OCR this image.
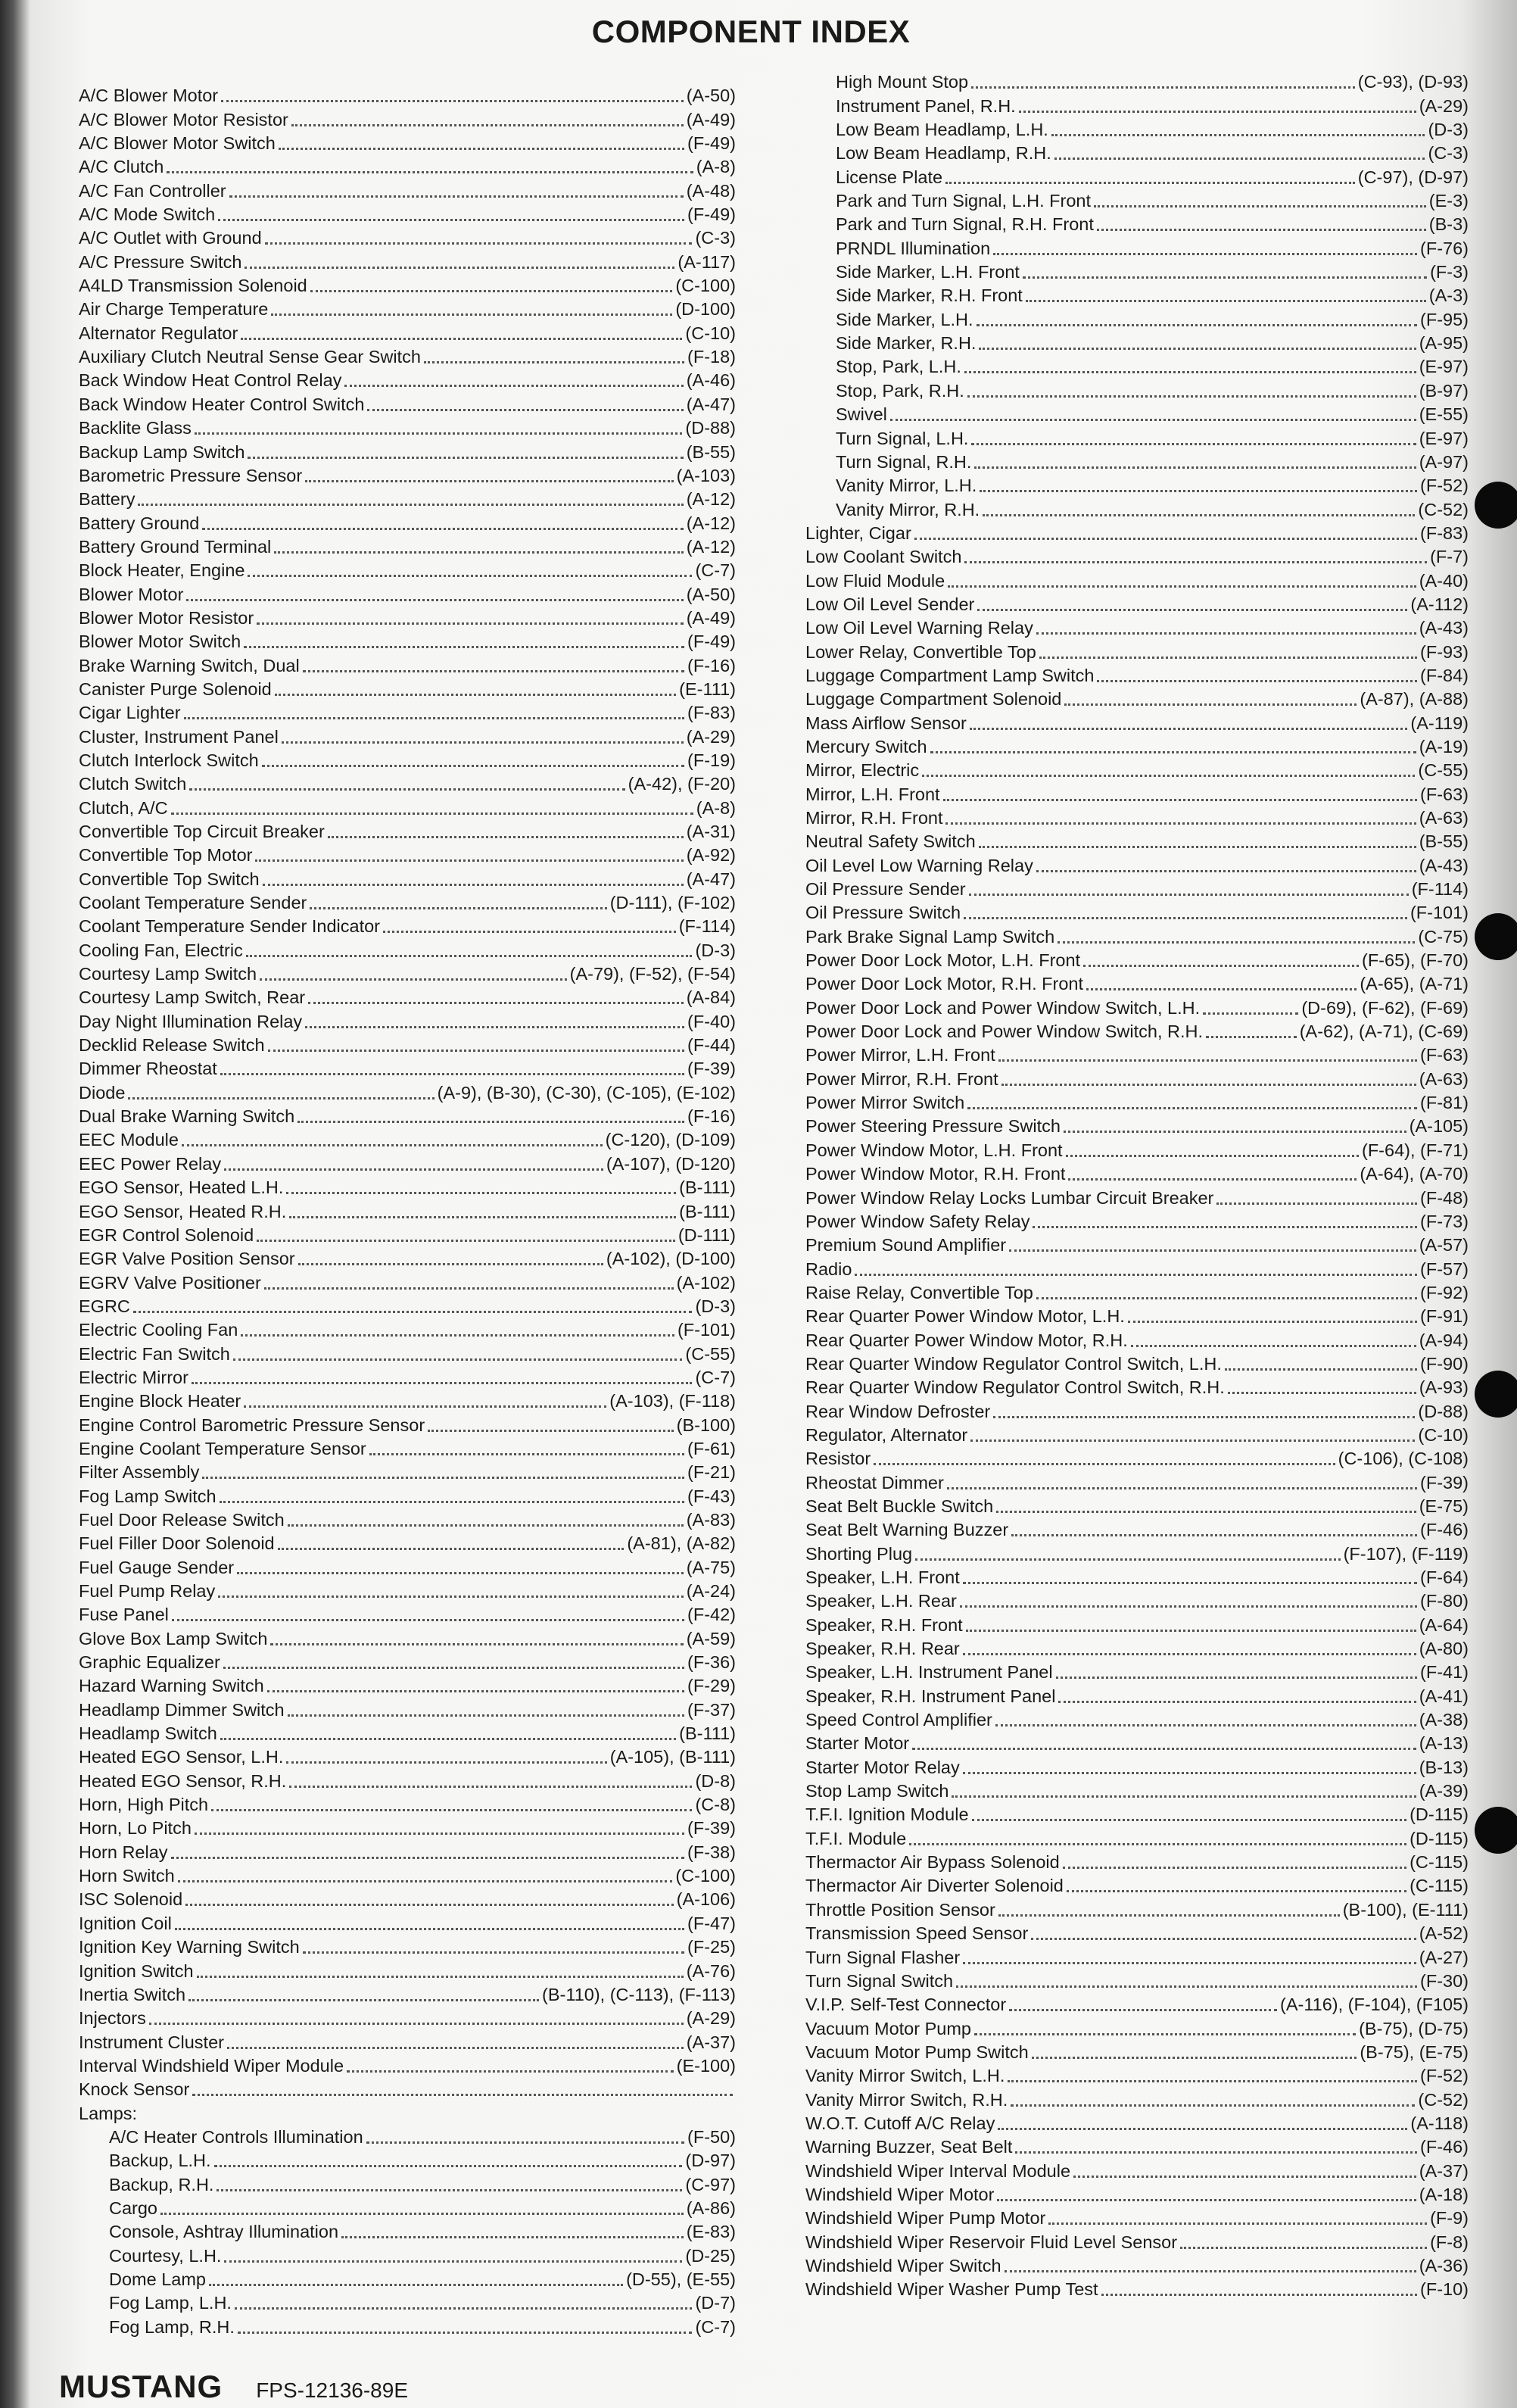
COMPONENT INDEX
A/C Blower Motor	(A-50)
A/C Blower Motor Resistor	(A-49)
A/C Blower Motor Switch	(F-49)
A/C Clutch	(A-8)
A/C Fan Controller	(A-48)
A/C Mode Switch	(F-49)
A/C Outlet with Ground	(C-3)
A/C Pressure Switch	(A-117)
A4LD Transmission Solenoid	(C-100)
Air Charge Temperature	(D-100)
Alternator Regulator	(C-10)
Auxiliary Clutch Neutral Sense Gear Switch	(F-18)
Back Window Heat Control Relay	(A-46)
Back Window Heater Control Switch	(A-47)
Backlite Glass	(D-88)
Backup Lamp Switch	(B-55)
Barometric Pressure Sensor	(A-103)
Battery	(A-12)
Battery Ground	(A-12)
Battery Ground Terminal	(A-12)
Block Heater, Engine	(C-7)
Blower Motor	(A-50)
Blower Motor Resistor	(A-49)
Blower Motor Switch	(F-49)
Brake Warning Switch, Dual	(F-16)
Canister Purge Solenoid	(E-111)
Cigar Lighter	(F-83)
Cluster, Instrument Panel	(A-29)
Clutch Interlock Switch	(F-19)
Clutch Switch	(A-42), (F-20)
Clutch, A/C	(A-8)
Convertible Top Circuit Breaker	(A-31)
Convertible Top Motor	(A-92)
Convertible Top Switch	(A-47)
Coolant Temperature Sender	(D-111), (F-102)
Coolant Temperature Sender Indicator	(F-114)
Cooling Fan, Electric	(D-3)
Courtesy Lamp Switch	(A-79), (F-52), (F-54)
Courtesy Lamp Switch, Rear	(A-84)
Day Night Illumination Relay	(F-40)
Decklid Release Switch	(F-44)
Dimmer Rheostat	(F-39)
Diode	(A-9), (B-30), (C-30), (C-105), (E-102)
Dual Brake Warning Switch	(F-16)
EEC Module	(C-120), (D-109)
EEC Power Relay	(A-107), (D-120)
EGO Sensor, Heated L.H.	(B-111)
EGO Sensor, Heated R.H.	(B-111)
EGR Control Solenoid	(D-111)
EGR Valve Position Sensor	(A-102), (D-100)
EGRV Valve Positioner	(A-102)
EGRC	(D-3)
Electric Cooling Fan	(F-101)
Electric Fan Switch	(C-55)
Electric Mirror	(C-7)
Engine Block Heater	(A-103), (F-118)
Engine Control Barometric Pressure Sensor	(B-100)
Engine Coolant Temperature Sensor	(F-61)
Filter Assembly	(F-21)
Fog Lamp Switch	(F-43)
Fuel Door Release Switch	(A-83)
Fuel Filler Door Solenoid	(A-81), (A-82)
Fuel Gauge Sender	(A-75)
Fuel Pump Relay	(A-24)
Fuse Panel	(F-42)
Glove Box Lamp Switch	(A-59)
Graphic Equalizer	(F-36)
Hazard Warning Switch	(F-29)
Headlamp Dimmer Switch	(F-37)
Headlamp Switch	(B-111)
Heated EGO Sensor, L.H.	(A-105), (B-111)
Heated EGO Sensor, R.H.	(D-8)
Horn, High Pitch	(C-8)
Horn, Lo Pitch	(F-39)
Horn Relay	(F-38)
Horn Switch	(C-100)
ISC Solenoid	(A-106)
Ignition Coil	(F-47)
Ignition Key Warning Switch	(F-25)
Ignition Switch	(A-76)
Inertia Switch	(B-110), (C-113), (F-113)
Injectors	(A-29)
Instrument Cluster	(A-37)
Interval Windshield Wiper Module	(E-100)
Knock Sensor
Lamps:
A/C Heater Controls Illumination	(F-50)
Backup, L.H.	(D-97)
Backup, R.H.	(C-97)
Cargo	(A-86)
Console, Ashtray Illumination	(E-83)
Courtesy, L.H.	(D-25)
Dome Lamp	(D-55), (E-55)
Fog Lamp, L.H.	(D-7)
Fog Lamp, R.H.	(C-7)
High Mount Stop	(C-93), (D-93)
Instrument Panel, R.H.	(A-29)
Low Beam Headlamp, L.H.	(D-3)
Low Beam Headlamp, R.H.	(C-3)
License Plate	(C-97), (D-97)
Park and Turn Signal, L.H. Front	(E-3)
Park and Turn Signal, R.H. Front	(B-3)
PRNDL Illumination	(F-76)
Side Marker, L.H. Front	(F-3)
Side Marker, R.H. Front	(A-3)
Side Marker, L.H.	(F-95)
Side Marker, R.H.	(A-95)
Stop, Park, L.H.	(E-97)
Stop, Park, R.H.	(B-97)
Swivel	(E-55)
Turn Signal, L.H.	(E-97)
Turn Signal, R.H.	(A-97)
Vanity Mirror, L.H.	(F-52)
Vanity Mirror, R.H.	(C-52)
Lighter, Cigar	(F-83)
Low Coolant Switch	(F-7)
Low Fluid Module	(A-40)
Low Oil Level Sender	(A-112)
Low Oil Level Warning Relay	(A-43)
Lower Relay, Convertible Top	(F-93)
Luggage Compartment Lamp Switch	(F-84)
Luggage Compartment Solenoid	(A-87), (A-88)
Mass Airflow Sensor	(A-119)
Mercury Switch	(A-19)
Mirror, Electric	(C-55)
Mirror, L.H. Front	(F-63)
Mirror, R.H. Front	(A-63)
Neutral Safety Switch	(B-55)
Oil Level Low Warning Relay	(A-43)
Oil Pressure Sender	(F-114)
Oil Pressure Switch	(F-101)
Park Brake Signal Lamp Switch	(C-75)
Power Door Lock Motor, L.H. Front	(F-65), (F-70)
Power Door Lock Motor, R.H. Front	(A-65), (A-71)
Power Door Lock and Power Window Switch, L.H.	(D-69), (F-62), (F-69)
Power Door Lock and Power Window Switch, R.H.	(A-62), (A-71), (C-69)
Power Mirror, L.H. Front	(F-63)
Power Mirror, R.H. Front	(A-63)
Power Mirror Switch	(F-81)
Power Steering Pressure Switch	(A-105)
Power Window Motor, L.H. Front	(F-64), (F-71)
Power Window Motor, R.H. Front	(A-64), (A-70)
Power Window Relay Locks Lumbar Circuit Breaker	(F-48)
Power Window Safety Relay	(F-73)
Premium Sound Amplifier	(A-57)
Radio	(F-57)
Raise Relay, Convertible Top	(F-92)
Rear Quarter Power Window Motor, L.H.	(F-91)
Rear Quarter Power Window Motor, R.H.	(A-94)
Rear Quarter Window Regulator Control Switch, L.H.	(F-90)
Rear Quarter Window Regulator Control Switch, R.H.	(A-93)
Rear Window Defroster	(D-88)
Regulator, Alternator	(C-10)
Resistor	(C-106), (C-108)
Rheostat Dimmer	(F-39)
Seat Belt Buckle Switch	(E-75)
Seat Belt Warning Buzzer	(F-46)
Shorting Plug	(F-107), (F-119)
Speaker, L.H. Front	(F-64)
Speaker, L.H. Rear	(F-80)
Speaker, R.H. Front	(A-64)
Speaker, R.H. Rear	(A-80)
Speaker, L.H. Instrument Panel	(F-41)
Speaker, R.H. Instrument Panel	(A-41)
Speed Control Amplifier	(A-38)
Starter Motor	(A-13)
Starter Motor Relay	(B-13)
Stop Lamp Switch	(A-39)
T.F.I. Ignition Module	(D-115)
T.F.I. Module	(D-115)
Thermactor Air Bypass Solenoid	(C-115)
Thermactor Air Diverter Solenoid	(C-115)
Throttle Position Sensor	(B-100), (E-111)
Transmission Speed Sensor	(A-52)
Turn Signal Flasher	(A-27)
Turn Signal Switch	(F-30)
V.I.P. Self-Test Connector	(A-116), (F-104), (F105)
Vacuum Motor Pump	(B-75), (D-75)
Vacuum Motor Pump Switch	(B-75), (E-75)
Vanity Mirror Switch, L.H.	(F-52)
Vanity Mirror Switch, R.H.	(C-52)
W.O.T. Cutoff A/C Relay	(A-118)
Warning Buzzer, Seat Belt	(F-46)
Windshield Wiper Interval Module	(A-37)
Windshield Wiper Motor	(A-18)
Windshield Wiper Pump Motor	(F-9)
Windshield Wiper Reservoir Fluid Level Sensor	(F-8)
Windshield Wiper Switch	(A-36)
Windshield Wiper Washer Pump Test	(F-10)
MUSTANG FPS-12136-89E
